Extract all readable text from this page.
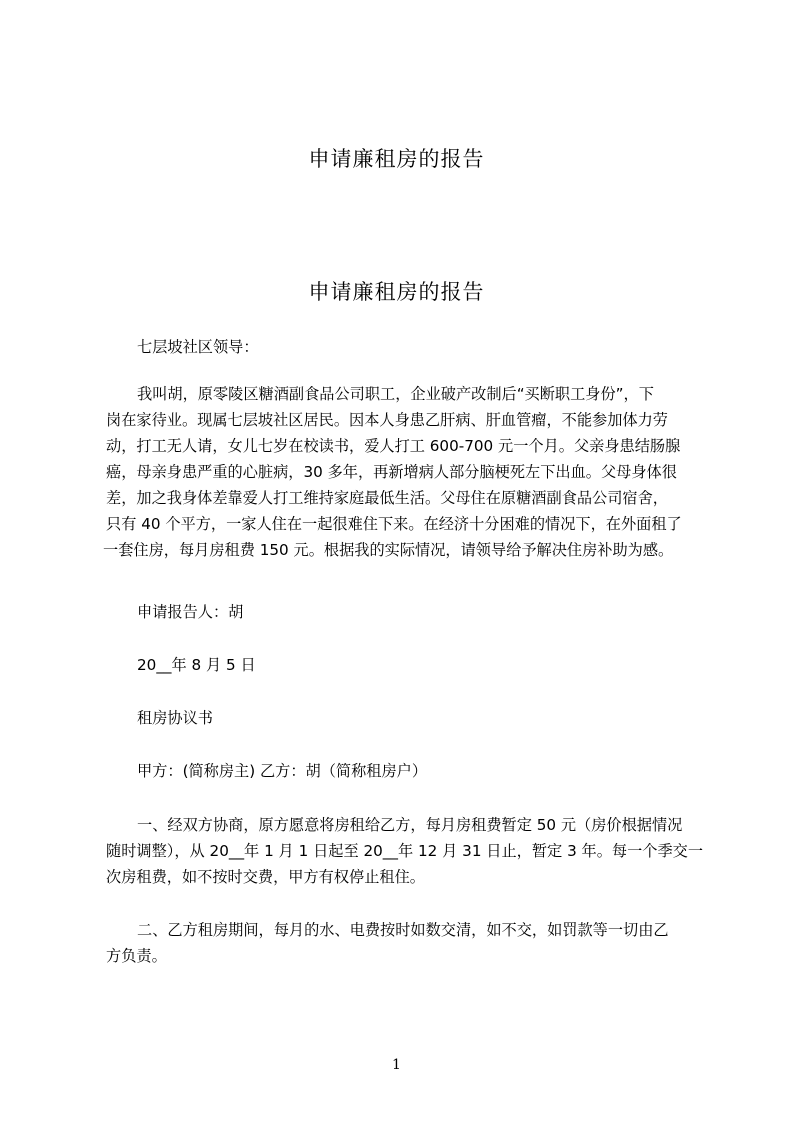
申请廉租房的报告
申请廉租房的报告
七层坡社区领导：
我叫胡，原零陵区糖酒副食品公司职工，企业破产改制后“买断职工身份”，下
岗在家待业。现属七层坡社区居民。因本人身患乙肝病、肝血管瘤，不能参加体力劳
动，打工无人请，女儿七岁在校读书，爱人打工 600-700 元一个月。父亲身患结肠腺
癌，母亲身患严重的心脏病，30 多年，再新增病人部分脑梗死左下出血。父母身体很
差，加之我身体差靠爱人打工维持家庭最低生活。父母住在原糖酒副食品公司宿舍，
只有 40 个平方，一家人住在一起很难住下来。在经济十分困难的情况下，在外面租了
一套住房，每月房租费 150 元。根据我的实际情况，请领导给予解决住房补助为感。
申请报告人：胡
20__年 8 月 5 日
租房协议书
甲方：(简称房主) 乙方：胡（简称租房户）
一、经双方协商，原方愿意将房租给乙方，每月房租费暂定 50 元（房价根据情况
随时调整），从 20__年 1 月 1 日起至 20__年 12 月 31 日止，暂定 3 年。每一个季交一
次房租费，如不按时交费，甲方有权停止租住。
二、乙方租房期间，每月的水、电费按时如数交清，如不交，如罚款等一切由乙
方负责。
1
